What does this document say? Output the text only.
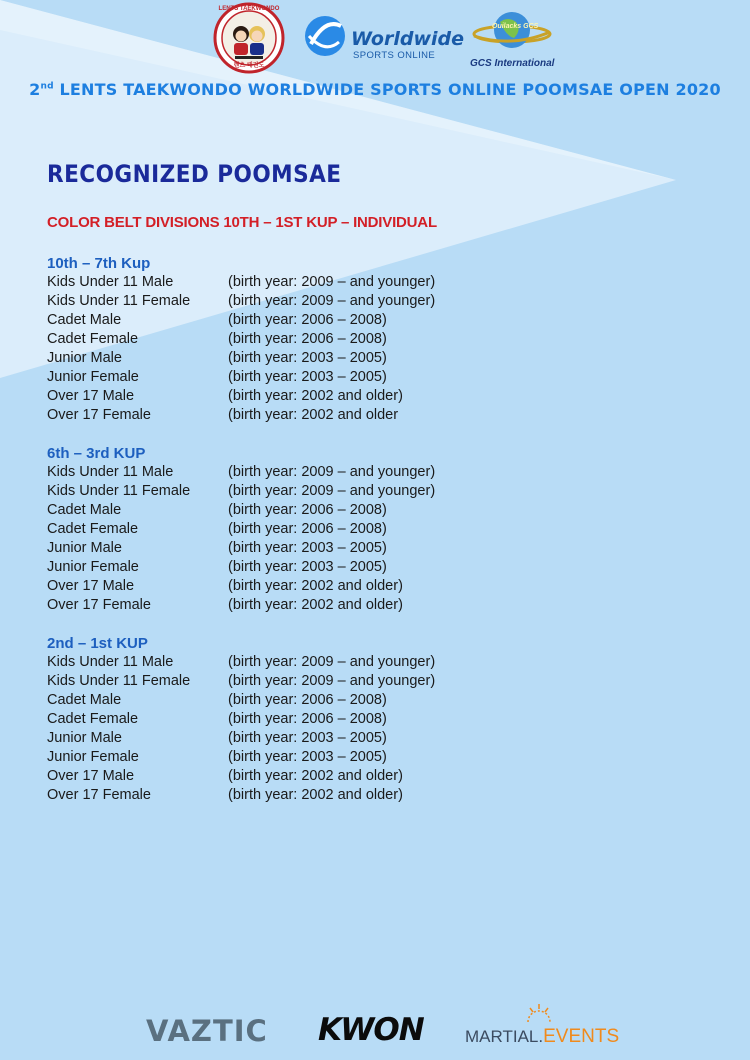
LENTS TAEKWONDO
렌츠 태권도
Worldwide
SPORTS ONLINE
Ouilacks GCS
GCS International
2nd LENTS TAEKWONDO WORLDWIDE SPORTS ONLINE POOMSAE OPEN 2020
RECOGNIZED POOMSAE
COLOR BELT DIVISIONS 10TH – 1ST KUP – INDIVIDUAL
10th – 7th Kup
Kids Under 11 Male	(birth year: 2009 – and younger)
Kids Under 11 Female	(birth year: 2009 – and younger)
Cadet Male	(birth year: 2006 – 2008)
Cadet Female	(birth year: 2006 – 2008)
Junior Male	(birth year: 2003 – 2005)
Junior Female	(birth year: 2003 – 2005)
Over 17 Male	(birth year: 2002 and older)
Over 17 Female	(birth year: 2002 and older
6th – 3rd KUP
Kids Under 11 Male	(birth year: 2009 – and younger)
Kids Under 11 Female	(birth year: 2009 – and younger)
Cadet Male	(birth year: 2006 – 2008)
Cadet Female	(birth year: 2006 – 2008)
Junior Male	(birth year: 2003 – 2005)
Junior Female	(birth year: 2003 – 2005)
Over 17 Male	(birth year: 2002 and older)
Over 17 Female	(birth year: 2002 and older)
2nd – 1st KUP
Kids Under 11 Male	(birth year: 2009 – and younger)
Kids Under 11 Female	(birth year: 2009 – and younger)
Cadet Male	(birth year: 2006 – 2008)
Cadet Female	(birth year: 2006 – 2008)
Junior Male	(birth year: 2003 – 2005)
Junior Female	(birth year: 2003 – 2005)
Over 17 Male	(birth year: 2002 and older)
Over 17 Female	(birth year: 2002 and older)
VAZTIC KWON MARTIAL.EVENTS
